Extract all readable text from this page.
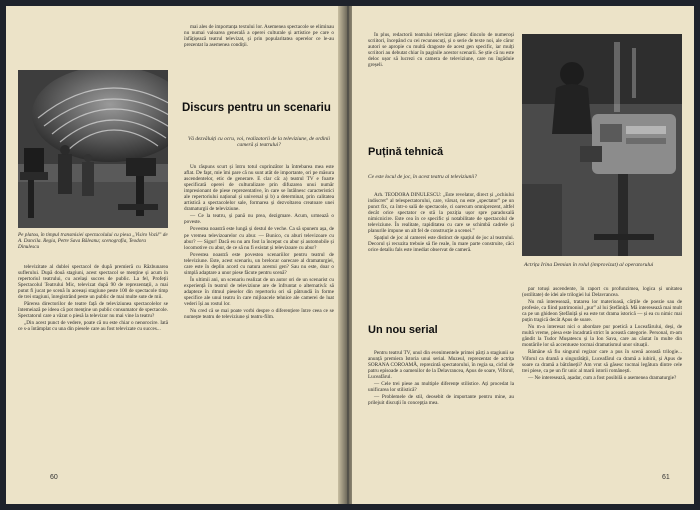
mai ales de importanța textului lor. Asemenea spectacole se eliminau nu numai valoarea generală a operei culturale și artistice pe care o înfățișează teatrul televizat, și prin popularitatea operelor ce le-au prezentat la asemenea condiții.

Discurs pentru un scenariu
Vă dezvăluiți cu ocru, voi, realizatorii de la televiziune, de ordinii cameră și teatrului?
Pe platou, în timpul transmisiei spectacolului cu piesa „Visiro Vozil” de A. Dancila. Regia, Petre Sava Băleanu; scenografia, Teodora Dinulescu

televizitate al dublei spectacol de după premieră cu Răzbunarea suflerului. După două stagiuni, acest spectacol se menține și acum în repertoriul teatrului, cu același succes de public. La fel, Profeții Spectacolul Teatrului Mic, televizat după 90 de reprezentații, a mai putut fi jucat pe scenă în aceeași stagiune peste 100 de spectacole timp de trei stagiuni, înregistrând peste un public de mai multe sute de mii.

Părerea directorilor de teatre față de televiziunea spectacolelor se întemeiază pe ideea că pot menține un public consumator de spectacole. Spectatorul care a văzut o piesă la televizor nu mai vine la teatru?

„Din acest punct de vedere, poate că nu este chiar o nenorocire. Iată ce s-a întâmplat cu una din piesele care au fost televizate cu succes...

Un răspuns scurt și întru totul cuprinzător la întrebarea mea este aflat. De fapt, mie îmi pare că nu sunt atât de importante, ori pe măsura ascendentelor, etic de generare. E clar că: a) teatrul TV e foarte specificată operei de culturalizare prin difuzarea unui număr impresionant de piese reprezentative, în care se întâlnesc caracteristici ale repertoriului național și universal și b) a determinat, prin calitatea artistică a spectacolelor sale, formarea și dezvoltarea creatoare unei dramaturgii de televiziune.

— Ce la teatru, și pană nu prea, dezigmare. Acum, urmează o poveste.

Povestea noastră este lungă și destul de veche. Ca să spunem așa, de pe vremea televizoarelor cu abur. — Bunico, cu aburi televizoare cu abur? — Sigur! Dacă eu nu am fost la început cu abur și automobile și locomotive cu abur, de ce să nu fi existat și televizoare cu abur?

Povestea noastră este povestea scenariilor pentru teatrul de televiziune. Este, acest scenariu, un brelocar oarecare al dramaturgiei, care este în deplin acord cu natura acestui gen? Sau nu este, doar o simplă adaptare a unor piese făcute pentru scenă?

În ultimii ani, un scenariu realizat de un autor ori de un scenarist cu experiență în teatrul de televiziune are de înfruntat o alternativă: să adapteze în ritmul pieselor din repertoriu ori să pătrundă în forme specifice ale unui teatru în care mijloacele tehnice ale camerei de luat vederi își au rostul lor.

Nu cred că se mai poate vorbi despre o diferențiere între ceea ce se numește teatru de televiziune și teatru-film.

60

În plus, redactorii teatrului televizat găsesc dincolo de numeroși scriitori, începând cu cei recunoscuți, și o serie de texte noi, ale căror autori se apropie cu multă dragoste de acest gen specific, iar mulți scriitori au debutat chiar în paginile acestor scenarii. Se știe că nu este deloc ușor să lucrezi cu camera de televiziune, care nu îngăduie greșeli.

Puțină tehnică
Ce este locul de joc, în acest teatru al televiziunii?

Arh. TEODORA DINULESCU: „Este revelator, direct și „ochiului indiscret” al telespectatorului, care, vărsat, nu este „spectator” pe un punct fix, ca într-o sală de spectacole, ci oarecum omniprezent, altfel decât orice spectator ce stă la poziția ușor spre paradoxală nimicnicire. Este cea în ce specific și notabilitate de spectacolul de televiziune. În realitate, rapiditatea cu care se schimbă cadrele și planurile impune un alt fel de construcție a scenei.”

Spațiul de joc al camerei este distinct de spațiul de joc al teatrului. Decorul și recuzita trebuie să fie reale, în mare parte construite, căci orice detaliu fals este imediat observat de cameră.

Un nou serial

Pentru teatrul TV, unul din evenimentele primei părți a stagiunii se anunță premiera Istoria unui serial. Muzeul, reprezentat de actrița SORANA COROAMĂ, reprezintă spectatorului, în regia sa, ciclul de patru episoade a oamenilor de la Delavrancea, Apus de soare, Viforul, Luceafărul.

— Cele trei piese au multiple diferențe stilistice. Ați procedat la unificarea lor stilistică?

— Problemele de stil, deosebit de importante pentru mine, au prilejuit discuții în concepția mea.

Actrița Irina Demian în rolul (improvizat) al operatorului

par totuși ascendente, în raport cu profunzimea, logica și unitatea (ostilitate) de idei ale trilogiei lui Delavrancea.

Nu mă interesează, tratarea lor materioasă, cărțile de poezie sau de profesie, ca fiind patrimoniul „pur” al lui Ștefăniță. Mă interesează mai mult ca pe un ghideon Ștefăniță și ea este tot drama istorică — și ea cu nimic mai puțin tragică decât Apus de soare.

Nu m-a interesat nici o abordare pur poetică a Luceafărului, deși, de multă vreme, piesa este încadrată strict în această categorie. Personal, m-am gândit la Tudor Mușatescu și la Ion Sava, care au căutat în multe din montările lor să accentueze tocmai dramatismul unor situații.

Rămâne să fiu singurul regizor care a pus în scenă această trilogie... Viforul ca dramă a singurătății, Luceafărul ca dramă a iubirii, și Apus de soare ca dramă a bătrâneții? Am vrut să găsesc tocmai legătura dintre cele trei piese, ca pe un fir unic al marii istorii românești.

— Ne interesează, așadar, cum a fost posibilă o asemenea dramaturgie?

61
